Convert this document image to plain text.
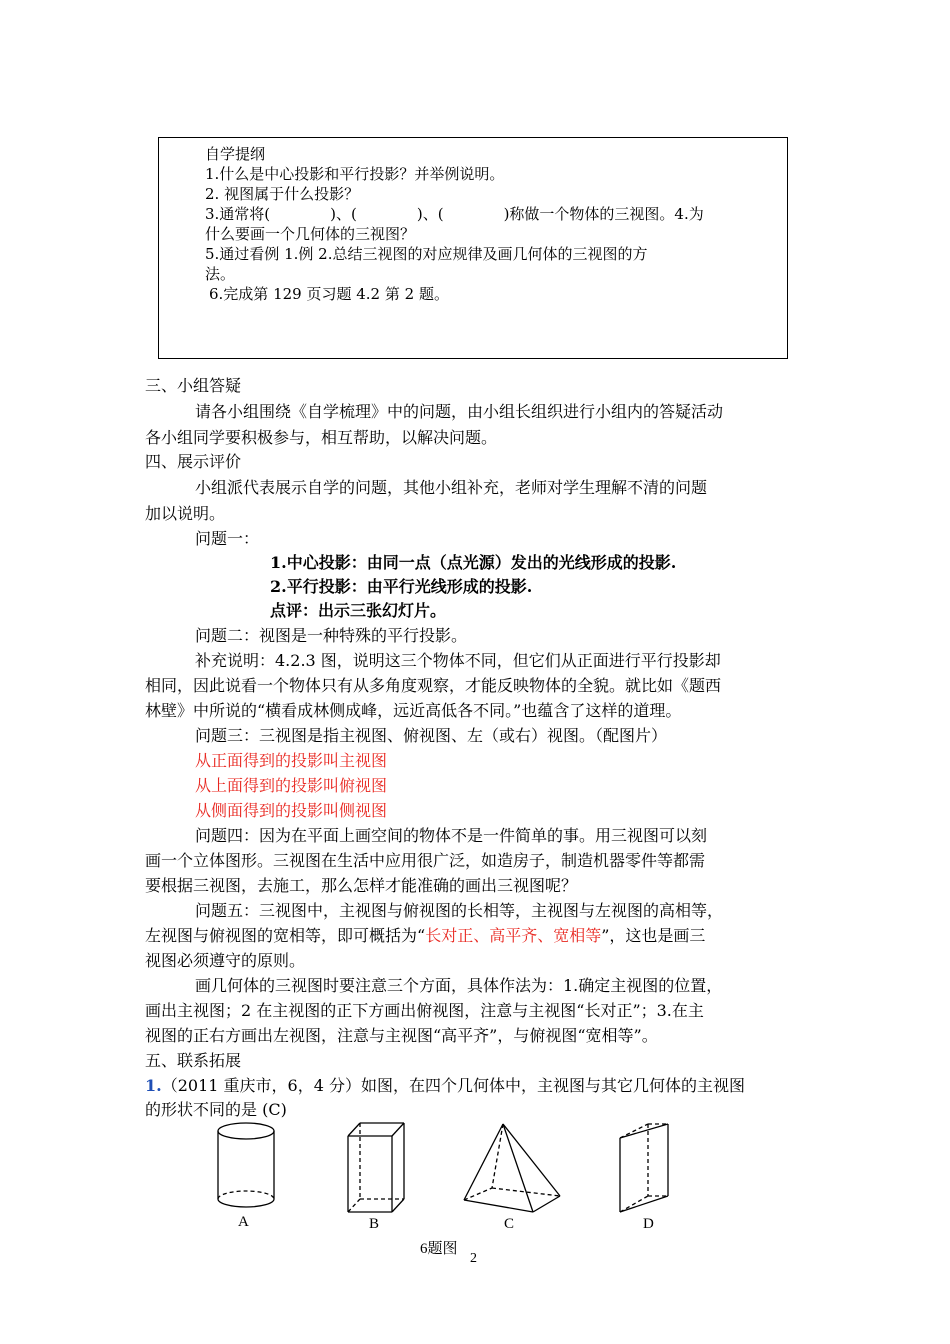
自学提纲
1.什么是中心投影和平行投影？并举例说明。
2. 视图属于什么投影？
3.通常将(　　　　)、(　　　　)、(　　　　)称做一个物体的三视图。4.为
什么要画一个几何体的三视图？
5.通过看例 1.例 2.总结三视图的对应规律及画几何体的三视图的方
法。
6.完成第 129 页习题 4.2 第 2 题。
三、小组答疑
请各小组围绕《自学梳理》中的问题，由小组长组织进行小组内的答疑活动
各小组同学要积极参与，相互帮助，以解决问题。
四、展示评价
小组派代表展示自学的问题，其他小组补充，老师对学生理解不清的问题
加以说明。
问题一：
1.中心投影：由同一点（点光源）发出的光线形成的投影.
2.平行投影：由平行光线形成的投影.
点评：出示三张幻灯片。
问题二：视图是一种特殊的平行投影。
补充说明：4.2.3 图，说明这三个物体不同，但它们从正面进行平行投影却
相同，因此说看一个物体只有从多角度观察，才能反映物体的全貌。就比如《题西
林壁》中所说的“横看成林侧成峰，远近高低各不同。”也蕴含了这样的道理。
问题三：三视图是指主视图、俯视图、左（或右）视图。（配图片）
从正面得到的投影叫主视图
从上面得到的投影叫俯视图
从侧面得到的投影叫侧视图
问题四：因为在平面上画空间的物体不是一件简单的事。用三视图可以刻
画一个立体图形。三视图在生活中应用很广泛，如造房子，制造机器零件等都需
要根据三视图，去施工，那么怎样才能准确的画出三视图呢？
问题五：三视图中，主视图与俯视图的长相等，主视图与左视图的高相等，
左视图与俯视图的宽相等，即可概括为“长对正、高平齐、宽相等”，这也是画三
视图必须遵守的原则。
画几何体的三视图时要注意三个方面，具体作法为：1.确定主视图的位置，
画出主视图；2 在主视图的正下方画出俯视图，注意与主视图“长对正”；3.在主
视图的正右方画出左视图，注意与主视图“高平齐”，与俯视图“宽相等”。
五、联系拓展
1.（2011 重庆市，6，4 分）如图，在四个几何体中，主视图与其它几何体的主视图
的形状不同的是 (C)
A	B	C	D
6题图
2
